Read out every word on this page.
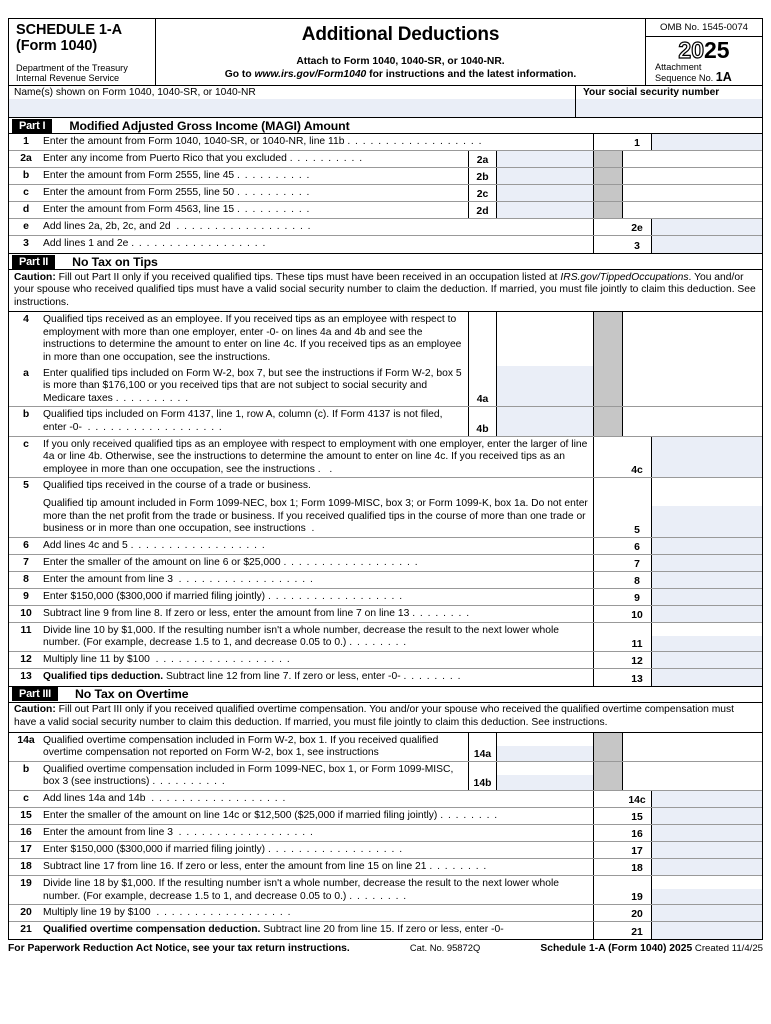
SCHEDULE 1-A
(Form 1040)
Department of the Treasury
Internal Revenue Service
Additional Deductions
Attach to Form 1040, 1040-SR, or 1040-NR.
Go to www.irs.gov/Form1040 for instructions and the latest information.
OMB No. 1545-0074
2025
Attachment
Sequence No. 1A
Name(s) shown on Form 1040, 1040-SR, or 1040-NR	Your social security number
Part I	Modified Adjusted Gross Income (MAGI) Amount
1	Enter the amount from Form 1040, 1040-SR, or 1040-NR, line 11b . . . . . . . . . . . . . . . . . .	1
2a	Enter any income from Puerto Rico that you excluded . . . . . . . . . .	2a
b	Enter the amount from Form 2555, line 45 . . . . . . . . . .	2b
c	Enter the amount from Form 2555, line 50 . . . . . . . . . .	2c
d	Enter the amount from Form 4563, line 15 . . . . . . . . . .	2d
e	Add lines 2a, 2b, 2c, and 2d . . . . . . . . . . . . . . . . . .	2e
3	Add lines 1 and 2e . . . . . . . . . . . . . . . . . .	3
Part II	No Tax on Tips
Caution: Fill out Part II only if you received qualified tips. These tips must have been received in an occupation listed at IRS.gov/TippedOccupations. You and/or your spouse who received qualified tips must have a valid social security number to claim the deduction. If married, you must file jointly to claim this deduction. See instructions.
4	Qualified tips received as an employee. If you received tips as an employee with respect to employment with more than one employer, enter -0- on lines 4a and 4b and see the instructions to determine the amount to enter on line 4c. If you received tips as an employee in more than one occupation, see the instructions.
a	Enter qualified tips included on Form W-2, box 7, but see the instructions if Form W-2, box 5 is more than $176,100 or you received tips that are not subject to social security and Medicare taxes . . . . . . . . . .	4a
b	Qualified tips included on Form 4137, line 1, row A, column (c). If Form 4137 is not filed, enter -0- . . . . . . . . . . . . . . . . . .	4b
c	If you only received qualified tips as an employee with respect to employment with one employer, enter the larger of line 4a or line 4b. Otherwise, see the instructions to determine the amount to enter on line 4c. If you received tips as an employee in more than one occupation, see the instructions .  .	4c
5	Qualified tips received in the course of a trade or business.
Qualified tip amount included in Form 1099-NEC, box 1; Form 1099-MISC, box 3; or Form 1099-K, box 1a. Do not enter more than the net profit from the trade or business. If you received qualified tips in the course of more than one trade or business or in more than one occupation, see instructions .	5
6	Add lines 4c and 5 . . . . . . . . . . . . . . . . . .	6
7	Enter the smaller of the amount on line 6 or $25,000 . . . . . . . . . . . . . . . . . .	7
8	Enter the amount from line 3 . . . . . . . . . . . . . . . . . .	8
9	Enter $150,000 ($300,000 if married filing jointly) . . . . . . . . . . . . . . . . . .	9
10	Subtract line 9 from line 8. If zero or less, enter the amount from line 7 on line 13 . . . . . . . .	10
11	Divide line 10 by $1,000. If the resulting number isn't a whole number, decrease the result to the next lower whole number. (For example, decrease 1.5 to 1, and decrease 0.05 to 0.) . . . . . . . .	11
12	Multiply line 11 by $100 . . . . . . . . . . . . . . . . . .	12
13	Qualified tips deduction. Subtract line 12 from line 7. If zero or less, enter -0- . . . . . . . .	13
Part III	No Tax on Overtime
Caution: Fill out Part III only if you received qualified overtime compensation. You and/or your spouse who received the qualified overtime compensation must have a valid social security number to claim this deduction. If married, you must file jointly to claim this deduction. See instructions.
14a Qualified overtime compensation included in Form W-2, box 1. If you received qualified overtime compensation not reported on Form W-2, box 1, see instructions	14a
b	Qualified overtime compensation included in Form 1099-NEC, box 1, or Form 1099-MISC, box 3 (see instructions) . . . . . . . . . .	14b
c	Add lines 14a and 14b . . . . . . . . . . . . . . . . . .	14c
15	Enter the smaller of the amount on line 14c or $12,500 ($25,000 if married filing jointly) . . . . . . . .	15
16	Enter the amount from line 3 . . . . . . . . . . . . . . . . . .	16
17	Enter $150,000 ($300,000 if married filing jointly) . . . . . . . . . . . . . . . . . .	17
18	Subtract line 17 from line 16. If zero or less, enter the amount from line 15 on line 21 . . . . . . . .	18
19	Divide line 18 by $1,000. If the resulting number isn't a whole number, decrease the result to the next lower whole number. (For example, decrease 1.5 to 1, and decrease 0.05 to 0.) . . . . . . . .	19
20	Multiply line 19 by $100 . . . . . . . . . . . . . . . . . .	20
21	Qualified overtime compensation deduction. Subtract line 20 from line 15. If zero or less, enter -0-	21
For Paperwork Reduction Act Notice, see your tax return instructions.	Cat. No. 95872Q	Schedule 1-A (Form 1040) 2025 Created 11/4/25
